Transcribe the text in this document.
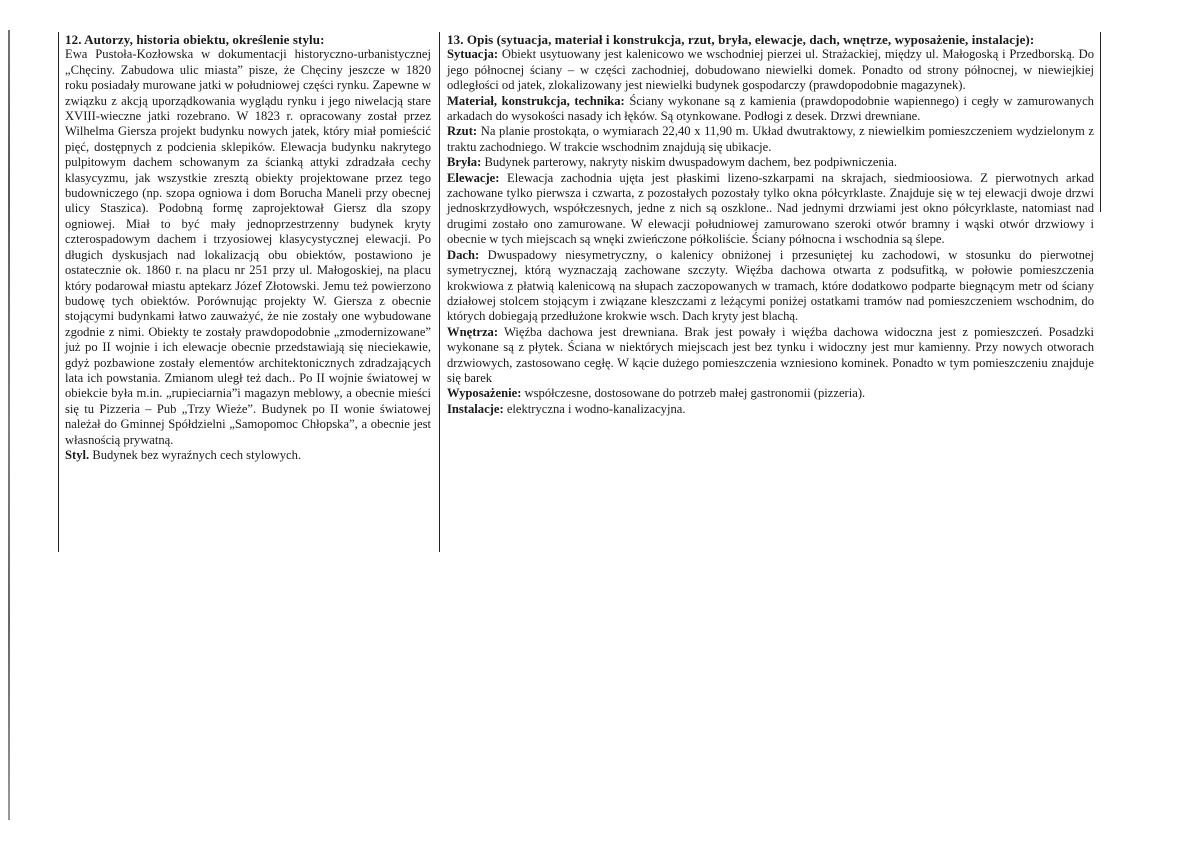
12. Autorzy, historia obiektu, określenie stylu:

Ewa Pustoła-Kozłowska w dokumentacji historyczno-urbanistycznej „Chęciny. Zabudowa ulic miasta” pisze, że Chęciny jeszcze w 1820 roku posiadały murowane jatki w południowej części rynku. Zapewne w związku z akcją uporządkowania wyglądu rynku i jego niwelacją stare XVIII-wieczne jatki rozebrano. W 1823 r. opracowany został przez Wilhelma Giersza projekt budynku nowych jatek, który miał pomieścić pięć, dostępnych z podcienia sklepików. Elewacja budynku nakrytego pulpitowym dachem schowanym za ścianką attyki zdradzała cechy klasycyzmu, jak wszystkie zresztą obiekty projektowane przez tego budowniczego (np. szopa ogniowa i dom Borucha Maneli przy obecnej ulicy Staszica). Podobną formę zaprojektował Giersz dla szopy ogniowej. Miał to być mały jednoprzestrzenny budynek kryty czterospadowym dachem i trzyosiowej klasycystycznej elewacji. Po długich dyskusjach nad lokalizacją obu obiektów, postawiono je ostatecznie ok. 1860 r. na placu nr 251 przy ul. Małogoskiej, na placu który podarował miastu aptekarz Józef Złotowski. Jemu też powierzono budowę tych obiektów. Porównując projekty W. Giersza z obecnie stojącymi budynkami łatwo zauważyć, że nie zostały one wybudowane zgodnie z nimi. Obiekty te zostały prawdopodobnie „zmodernizowane” już po II wojnie i ich elewacje obecnie przedstawiają się nieciekawie, gdyż pozbawione zostały elementów architektonicznych zdradzających lata ich powstania. Zmianom uległ też dach.. Po II wojnie światowej w obiekcie była m.in. „rupieciarnia”i magazyn meblowy, a obecnie mieści się tu Pizzeria – Pub „Trzy Wieże”. Budynek po II wonie światowej należał do Gminnej Spółdzielni „Samopomoc Chłopska”, a obecnie jest własnością prywatną.

Styl. Budynek bez wyraźnych cech stylowych.

13. Opis (sytuacja, materiał i konstrukcja, rzut, bryła, elewacje, dach, wnętrze, wyposażenie, instalacje):

Sytuacja: Obiekt usytuowany jest kalenicowo we wschodniej pierzei ul. Strażackiej, między ul. Małogoską i Przedborską. Do jego północnej ściany – w części zachodniej, dobudowano niewielki domek. Ponadto od strony północnej, w niewiejkiej odległości od jatek, zlokalizowany jest niewielki budynek gospodarczy (prawdopodobnie magazynek).

Materiał, konstrukcja, technika: Ściany wykonane są z kamienia (prawdopodobnie wapiennego) i cegły w zamurowanych arkadach do wysokości nasady ich łęków. Są otynkowane. Podłogi z desek. Drzwi drewniane.

Rzut: Na planie prostokąta, o wymiarach 22,40 x 11,90 m. Układ dwutraktowy, z niewielkim pomieszczeniem wydzielonym z traktu zachodniego. W trakcie wschodnim znajdują się ubikacje.

Bryła: Budynek parterowy, nakryty niskim dwuspadowym dachem, bez podpiwniczenia.

Elewacje: Elewacja zachodnia ujęta jest płaskimi lizeno-szkarpami na skrajach, siedmioosiowa. Z pierwotnych arkad zachowane tylko pierwsza i czwarta, z pozostałych pozostały tylko okna półcyrklaste. Znajduje się w tej elewacji dwoje drzwi jednoskrzydłowych, współczesnych, jedne z nich są oszklone.. Nad jednymi drzwiami jest okno półcyrklaste, natomiast nad drugimi zostało ono zamurowane. W elewacji południowej zamurowano szeroki otwór bramny i wąski otwór drzwiowy i obecnie w tych miejscach są wnęki zwieńczone półkoliście. Ściany północna i wschodnia są ślepe.

Dach: Dwuspadowy niesymetryczny, o kalenicy obniżonej i przesuniętej ku zachodowi, w stosunku do pierwotnej symetrycznej, którą wyznaczają zachowane szczyty. Więźba dachowa otwarta z podsufitką, w połowie pomieszczenia krokwiowa z płatwią kalenicową na słupach zaczopowanych w tramach, które dodatkowo podparte biegnącym metr od ściany działowej stolcem stojącym i związane kleszczami z leżącymi poniżej ostatkami tramów nad pomieszczeniem wschodnim, do których dobiegają przedłużone krokwie wsch. Dach kryty jest blachą.

Wnętrza: Więźba dachowa jest drewniana. Brak jest powały i więźba dachowa widoczna jest z pomieszczeń. Posadzki wykonane są z płytek. Ściana w niektórych miejscach jest bez tynku i widoczny jest mur kamienny. Przy nowych otworach drzwiowych, zastosowano cegłę. W kącie dużego pomieszczenia wzniesiono kominek. Ponadto w tym pomieszczeniu znajduje się barek

Wyposażenie: współczesne, dostosowane do potrzeb małej gastronomii (pizzeria).

Instalacje: elektryczna i wodno-kanalizacyjna.
